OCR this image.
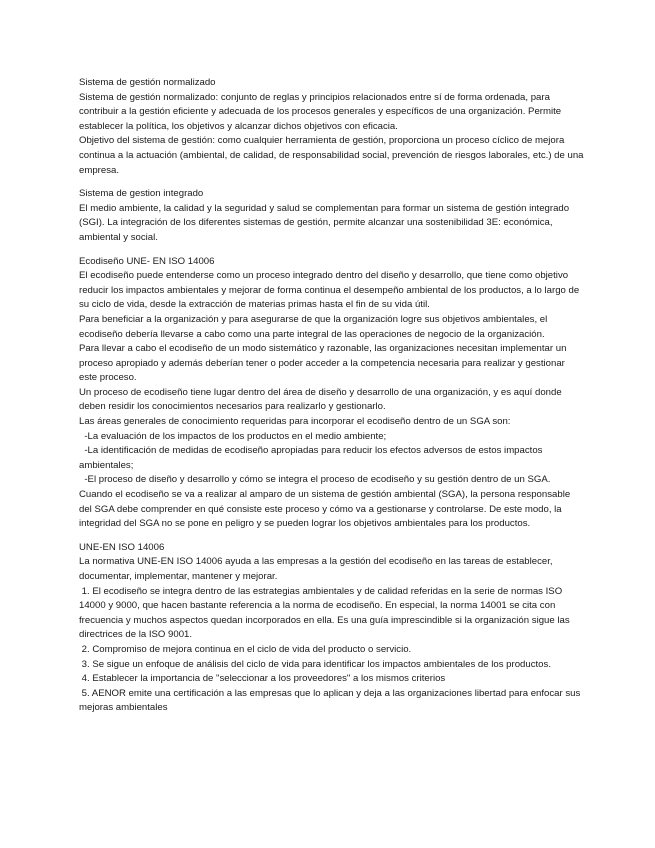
Sistema de gestión normalizado

Sistema de gestión normalizado: conjunto de reglas y principios relacionados entre sí de forma ordenada, para contribuir a la gestión eficiente y adecuada de los procesos generales y específicos de una organización. Permite establecer la política, los objetivos y alcanzar dichos objetivos con eficacia.

Objetivo del sistema de gestión: como cualquier herramienta de gestión, proporciona un proceso cíclico de mejora continua a la actuación (ambiental, de calidad, de responsabilidad social, prevención de riesgos laborales, etc.) de una empresa.

Sistema de gestion integrado

El medio ambiente, la calidad y la seguridad y salud se complementan para formar un sistema de gestión integrado (SGI). La integración de los diferentes sistemas de gestión, permite alcanzar una sostenibilidad 3E: económica, ambiental y social.

Ecodiseño UNE- EN ISO 14006

El ecodiseño puede entenderse como un proceso integrado dentro del diseño y desarrollo, que tiene como objetivo reducir los impactos ambientales y mejorar de forma continua el desempeño ambiental de los productos, a lo largo de su ciclo de vida, desde la extracción de materias primas hasta el fin de su vida útil.

Para beneficiar a la organización y para asegurarse de que la organización logre sus objetivos ambientales, el ecodiseño debería llevarse a cabo como una parte integral de las operaciones de negocio de la organización.

Para llevar a cabo el ecodiseño de un modo sistemático y razonable, las organizaciones necesitan implementar un proceso apropiado y además deberían tener o poder acceder a la competencia necesaria para realizar y gestionar este proceso.

Un proceso de ecodiseño tiene lugar dentro del área de diseño y desarrollo de una organización, y es aquí donde deben residir los conocimientos necesarios para realizarlo y gestionarlo.

Las áreas generales de conocimiento requeridas para incorporar el ecodiseño dentro de un SGA son:

-La evaluación de los impactos de los productos en el medio ambiente;

-La identificación de medidas de ecodiseño apropiadas para reducir los efectos adversos de estos impactos ambientales;

-El proceso de diseño y desarrollo y cómo se integra el proceso de ecodiseño y su gestión dentro de un SGA.

Cuando el ecodiseño se va a realizar al amparo de un sistema de gestión ambiental (SGA), la persona responsable del SGA debe comprender en qué consiste este proceso y cómo va a gestionarse y controlarse. De este modo, la integridad del SGA no se pone en peligro y se pueden lograr los objetivos ambientales para los productos.

UNE-EN ISO 14006

La normativa UNE-EN ISO 14006 ayuda a las empresas a la gestión del ecodiseño en las tareas de establecer, documentar, implementar, mantener y mejorar.

1. El ecodiseño se integra dentro de las estrategias ambientales y de calidad referidas en la serie de normas ISO 14000 y 9000, que hacen bastante referencia a la norma de ecodiseño. En especial, la norma 14001 se cita con frecuencia y muchos aspectos quedan incorporados en ella. Es una guía imprescindible si la organización sigue las directrices de la ISO 9001.

2. Compromiso de mejora continua en el ciclo de vida del producto o servicio.

3. Se sigue un enfoque de análisis del ciclo de vida para identificar los impactos ambientales de los productos.

4. Establecer la importancia de "seleccionar a los proveedores" a los mismos criterios

5. AENOR emite una certificación a las empresas que lo aplican y deja a las organizaciones libertad para enfocar sus mejoras ambientales
